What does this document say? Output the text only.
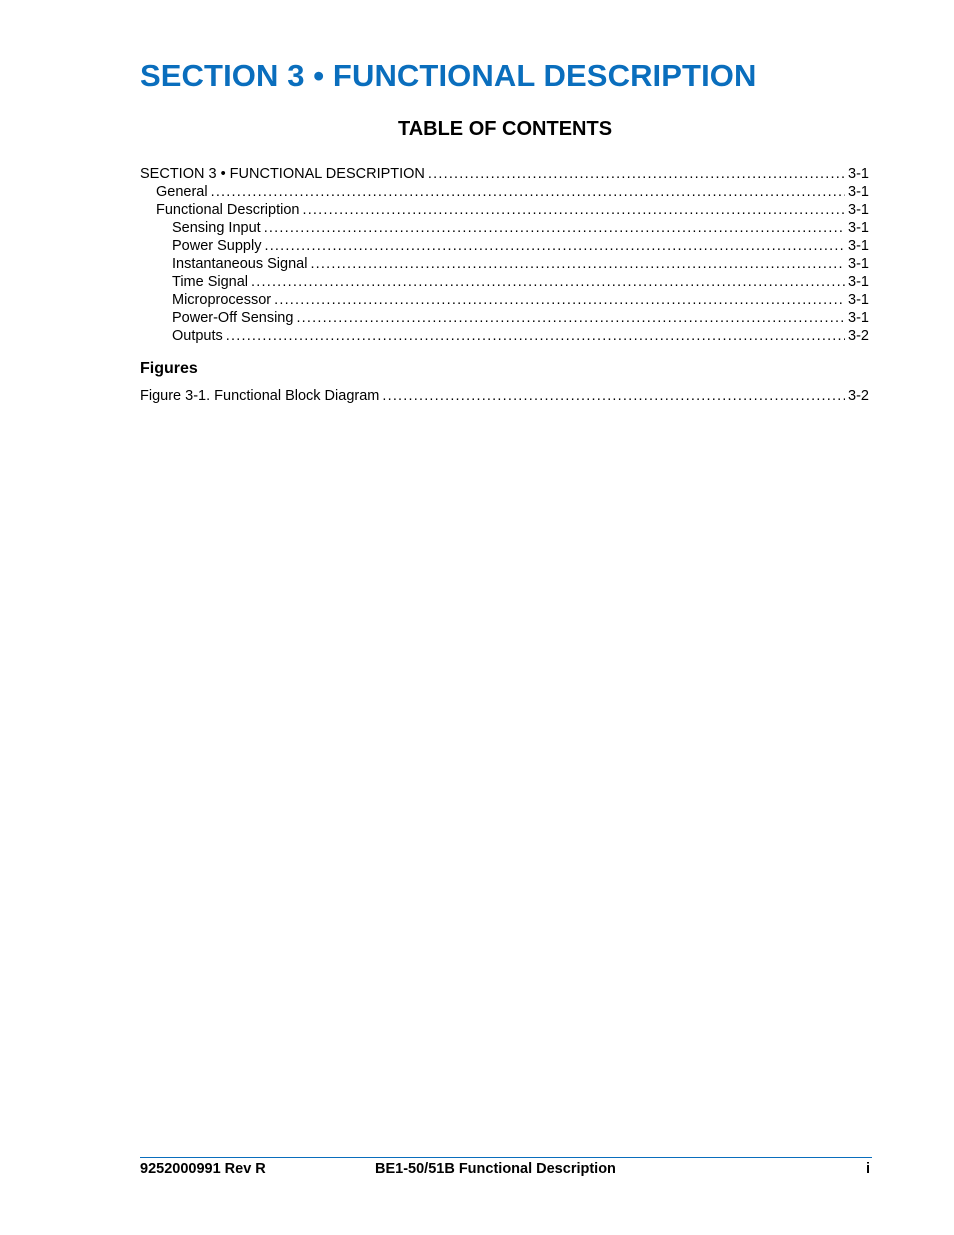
SECTION 3 • FUNCTIONAL DESCRIPTION
TABLE OF CONTENTS
SECTION 3 • FUNCTIONAL DESCRIPTION .....	3-1
General .....	3-1
Functional Description .....	3-1
Sensing Input .....	3-1
Power Supply .....	3-1
Instantaneous Signal .....	3-1
Time Signal .....	3-1
Microprocessor .....	3-1
Power-Off Sensing .....	3-1
Outputs .....	3-2
Figures
Figure 3-1. Functional Block Diagram .....	3-2
9252000991 Rev R	BE1-50/51B Functional Description	i
